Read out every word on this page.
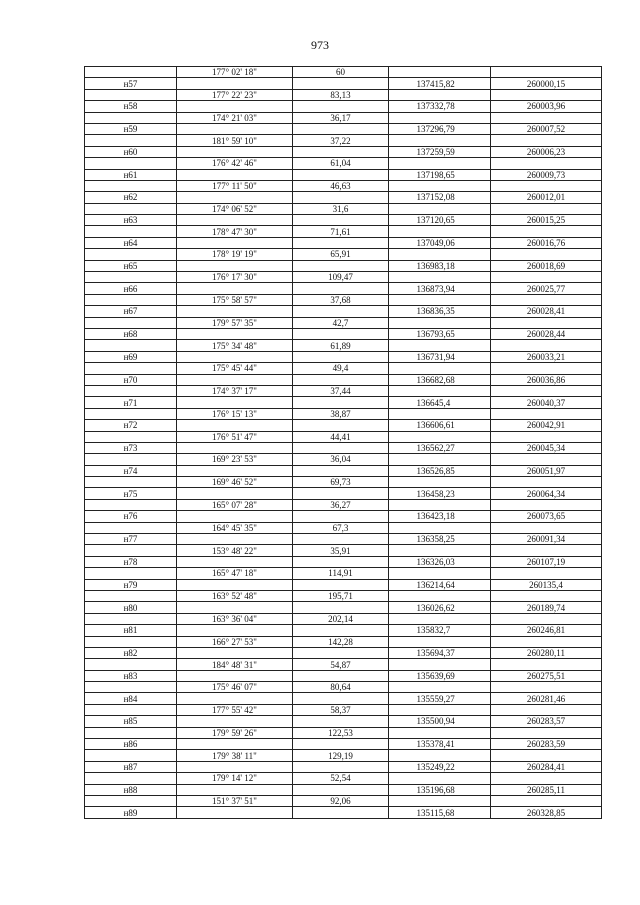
973
	177° 02' 18"	60			
н57				137415,82	260000,15
	177° 22' 23"	83,13			
н58				137332,78	260003,96
	174° 21' 03"	36,17			
н59				137296,79	260007,52
	181° 59' 10"	37,22			
н60				137259,59	260006,23
	176° 42' 46"	61,04			
н61				137198,65	260009,73
	177° 11' 50"	46,63			
н62				137152,08	260012,01
	174° 06' 52"	31,6			
н63				137120,65	260015,25
	178° 47' 30"	71,61			
н64				137049,06	260016,76
	178° 19' 19"	65,91			
н65				136983,18	260018,69
	176° 17' 30"	109,47			
н66				136873,94	260025,77
	175° 58' 57"	37,68			
н67				136836,35	260028,41
	179° 57' 35"	42,7			
н68				136793,65	260028,44
	175° 34' 48"	61,89			
н69				136731,94	260033,21
	175° 45' 44"	49,4			
н70				136682,68	260036,86
	174° 37' 17"	37,44			
н71				136645,4	260040,37
	176° 15' 13"	38,87			
н72				136606,61	260042,91
	176° 51' 47"	44,41			
н73				136562,27	260045,34
	169° 23' 53"	36,04			
н74				136526,85	260051,97
	169° 46' 52"	69,73			
н75				136458,23	260064,34
	165° 07' 28"	36,27			
н76				136423,18	260073,65
	164° 45' 35"	67,3			
н77				136358,25	260091,34
	153° 48' 22"	35,91			
н78				136326,03	260107,19
	165° 47' 18"	114,91			
н79				136214,64	260135,4
	163° 52' 48"	195,71			
н80				136026,62	260189,74
	163° 36' 04"	202,14			
н81				135832,7	260246,81
	166° 27' 53"	142,28			
н82				135694,37	260280,11
	184° 48' 31"	54,87			
н83				135639,69	260275,51
	175° 46' 07"	80,64			
н84				135559,27	260281,46
	177° 55' 42"	58,37			
н85				135500,94	260283,57
	179° 59' 26"	122,53			
н86				135378,41	260283,59
	179° 38' 11"	129,19			
н87				135249,22	260284,41
	179° 14' 12"	52,54			
н88				135196,68	260285,11
	151° 37' 51"	92,06			
н89				135115,68	260328,85
